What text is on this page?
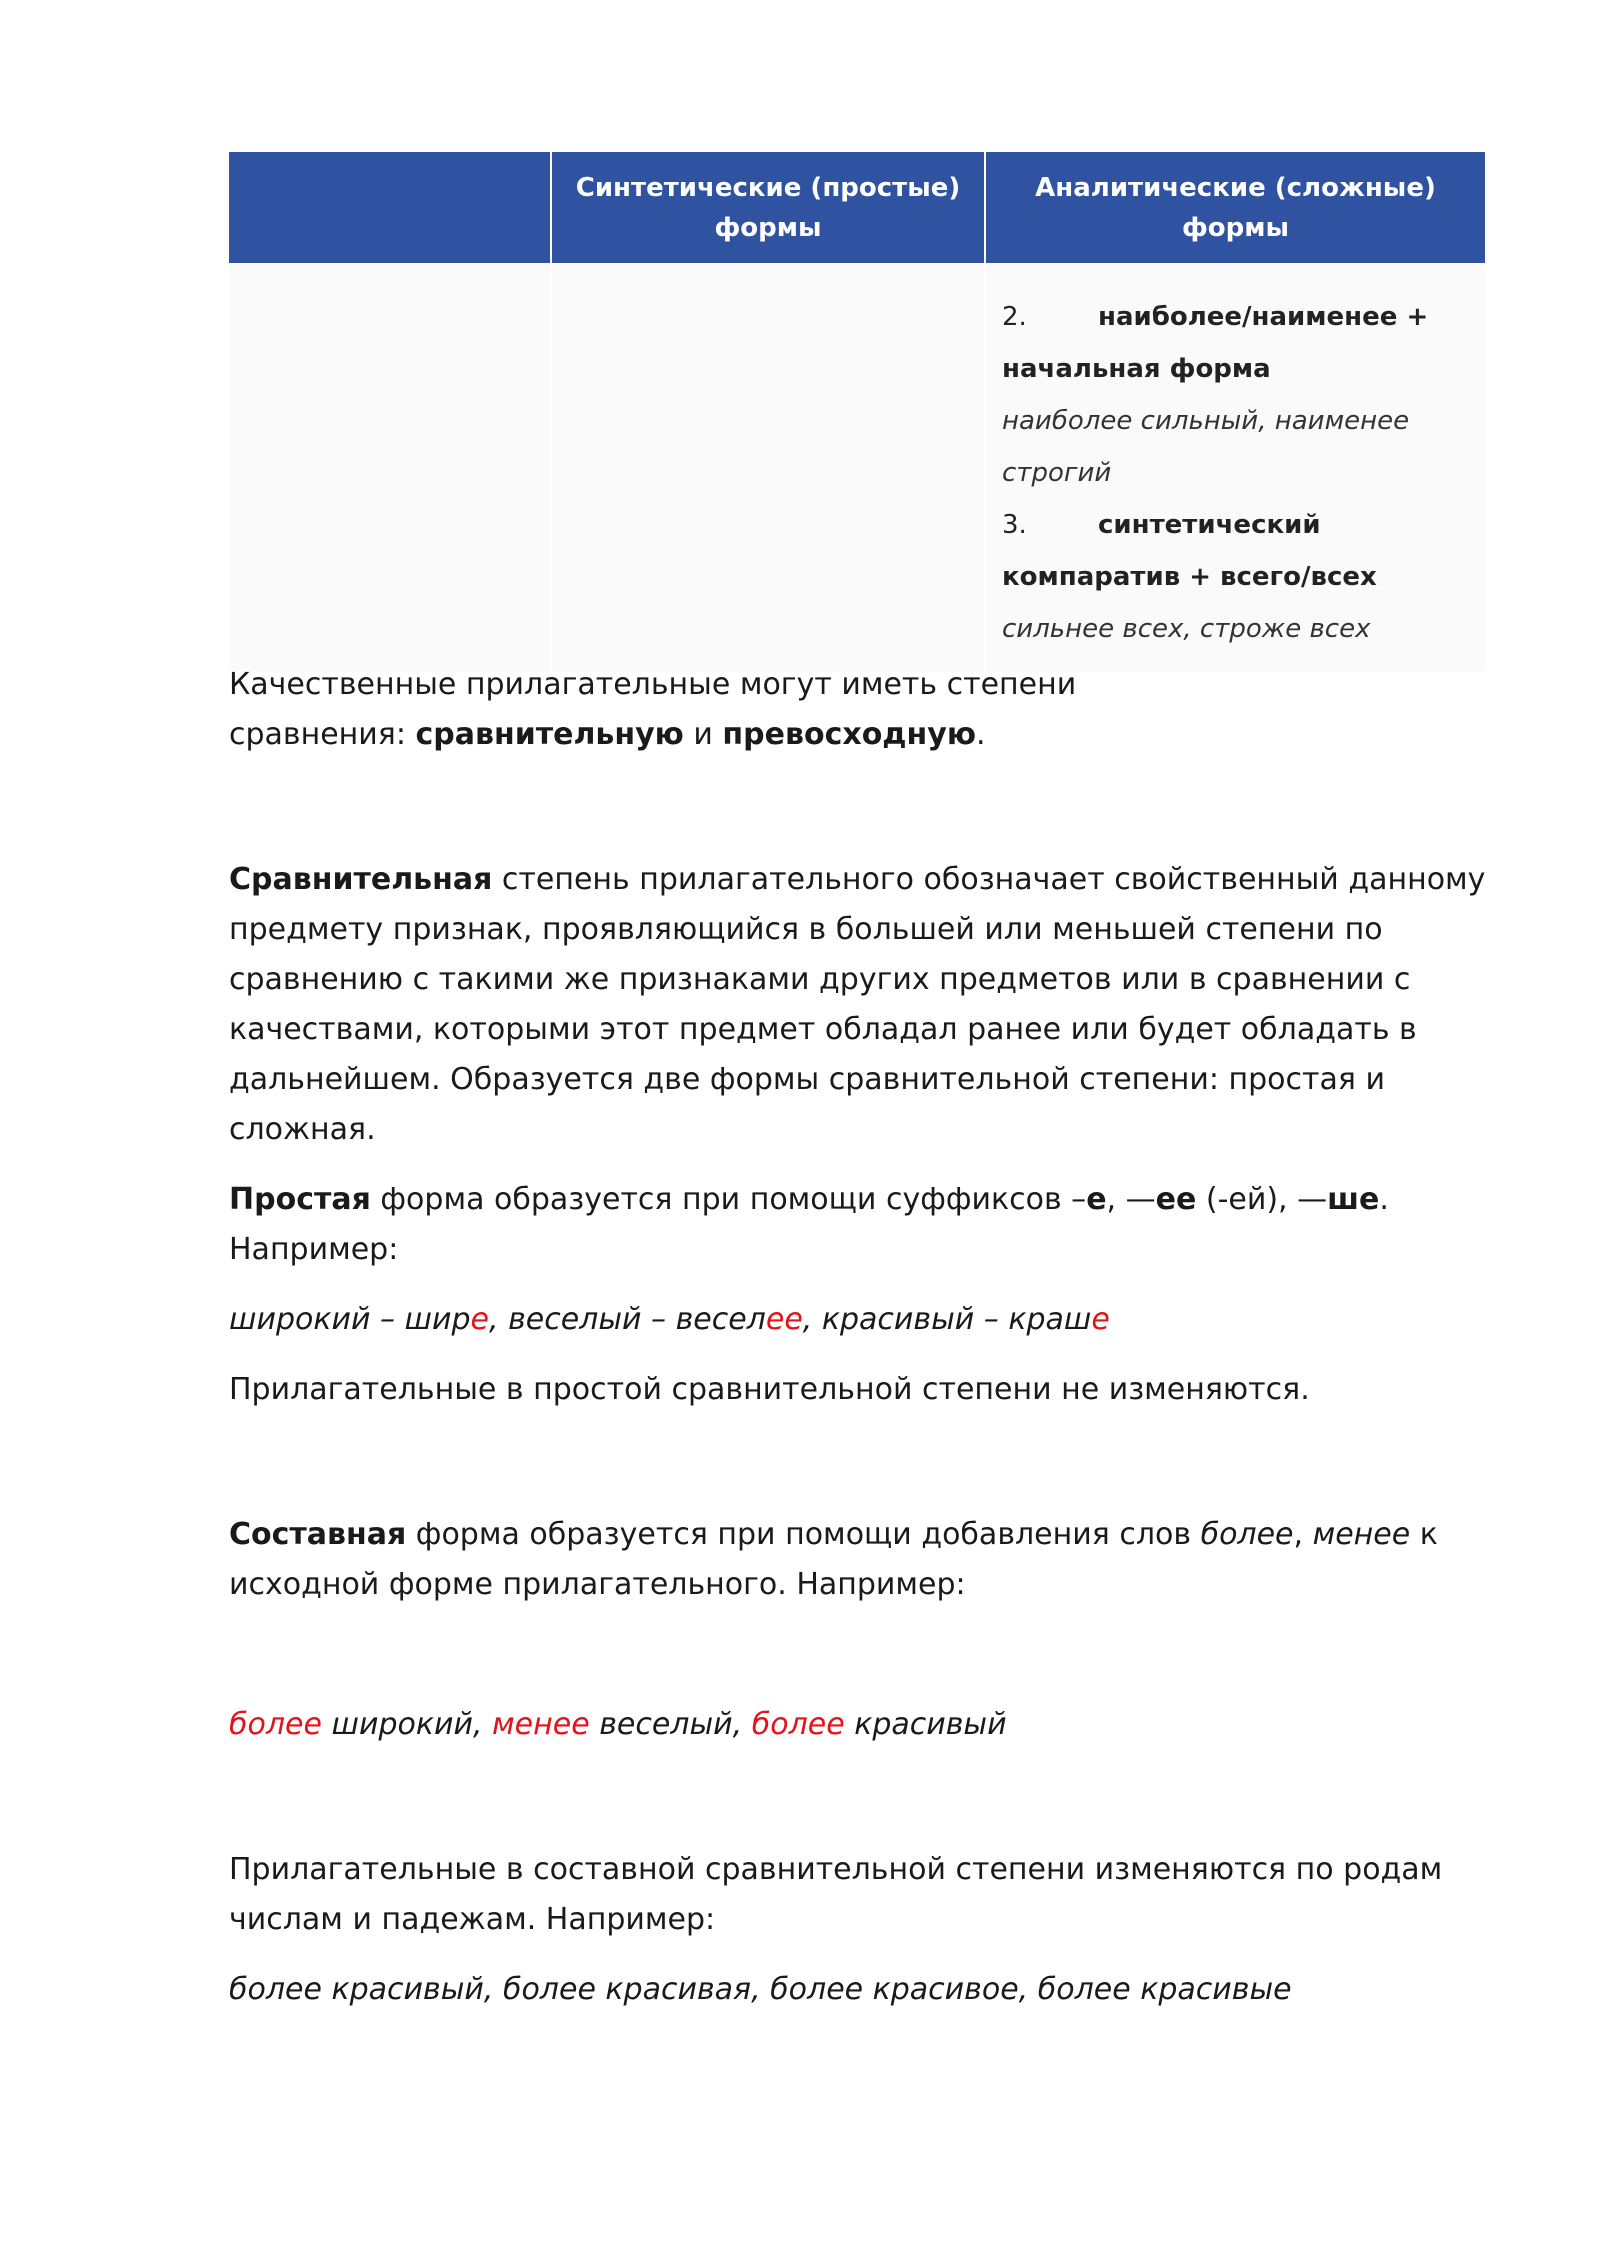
	Синтетические (простые) формы	Аналитические (сложные) формы

		2. наиболее/наименее + начальная форма
наиболее сильный, наименее строгий
3. синтетический компаратив + всего/всех
сильнее всех, строже всех

Качественные прилагательные могут иметь степени
сравнения: сравнительную и превосходную.

Сравнительная степень прилагательного обозначает свойственный данному предмету признак, проявляющийся в большей или меньшей степени по сравнению с такими же признаками других предметов или в сравнении с качествами, которыми этот предмет обладал ранее или будет обладать в дальнейшем. Образуется две формы сравнительной степени: простая и сложная.

Простая форма образуется при помощи суффиксов –е, —ее (-ей), —ше.
Например:

широкий – шире, веселый – веселее, красивый – краше

Прилагательные в простой сравнительной степени не изменяются.

Составная форма образуется при помощи добавления слов более, менее к исходной форме прилагательного. Например:

более широкий, менее веселый, более красивый

Прилагательные в составной сравнительной степени изменяются по родам числам и падежам. Например:

более красивый, более красивая, более красивое, более красивые
